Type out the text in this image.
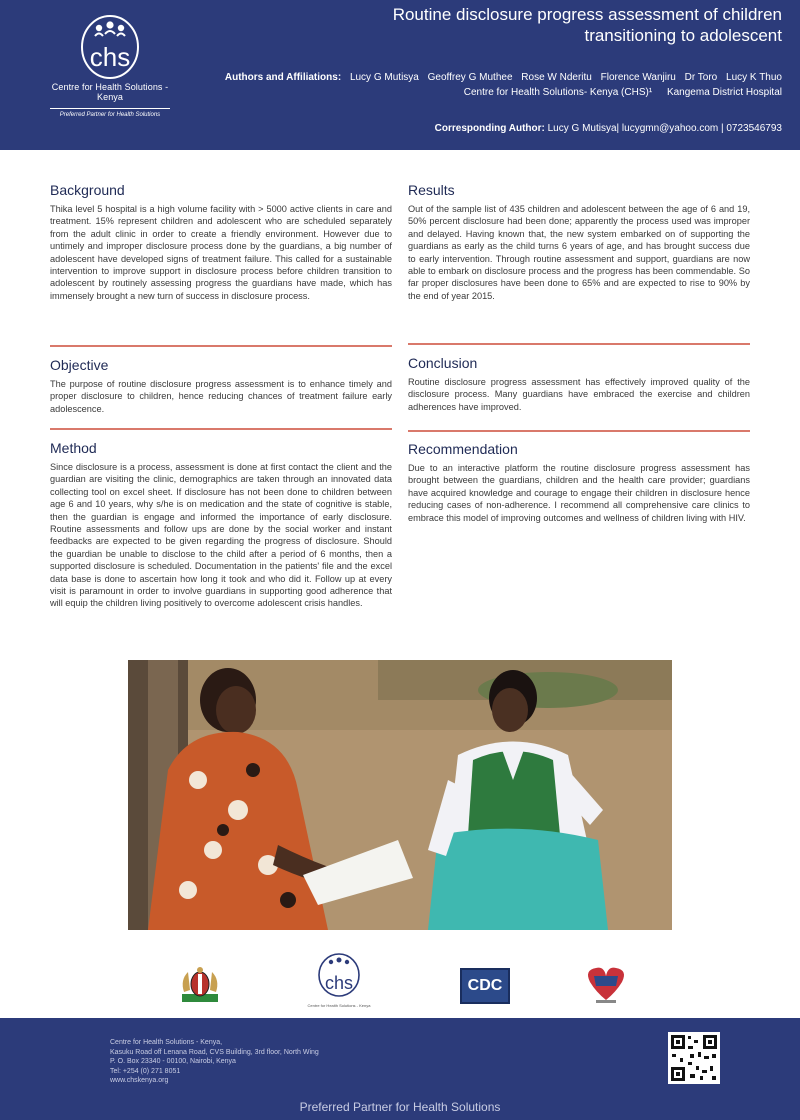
chs
Centre for Health Solutions - Kenya
Preferred Partner for Health Solutions
Routine disclosure progress assessment of children
transitioning to adolescent
Authors and Affiliations: Lucy G Mutisya Geoffrey G Muthee Rose W Nderitu Florence Wanjiru Dr Toro Lucy K Thuo
Centre for Health Solutions- Kenya (CHS)¹ Kangema District Hospital
Corresponding Author: Lucy G Mutisya| lucygmn@yahoo.com | 0723546793
Background
Thika level 5 hospital is a high volume facility with > 5000 active clients in care and treatment. 15% represent children and adolescent who are scheduled separately from the adult clinic in order to create a friendly environment. However due to untimely and improper disclosure process done by the guardians, a big number of adolescent have developed signs of treatment failure. This called for a sustainable intervention to improve support in disclosure process before children transition to adolescent by routinely assessing progress the guardians have made, which has immensely brought a new turn of success in disclosure process.
Objective
The purpose of routine disclosure progress assessment is to enhance timely and proper disclosure to children, hence reducing chances of treatment failure early adolescence.
Method
Since disclosure is a process, assessment is done at first contact the client and the guardian are visiting the clinic, demographics are taken through an innovated data collecting tool on excel sheet. If disclosure has not been done to children between age 6 and 10 years, why s/he is on medication and the state of cognitive is stable, then the guardian is engage and informed the importance of early disclosure. Routine assessments and follow ups are done by the social worker and instant feedbacks are expected to be given regarding the progress of disclosure. Should the guardian be unable to disclose to the child after a period of 6 months, then a supported disclosure is scheduled. Documentation in the patients' file and the excel data base is done to ascertain how long it took and who did it. Follow up at every visit is paramount in order to involve guardians in supporting good adherence that will equip the children living positively to overcome adolescent crisis handles.
Results
Out of the sample list of 435 children and adolescent between the age of 6 and 19, 50% percent disclosure had been done; apparently the process used was improper and delayed. Having known that, the new system embarked on of supporting the guardians as early as the child turns 6 years of age, and has brought success due to early intervention. Through routine assessment and support, guardians are now able to embark on disclosure process and the progress has been commendable. So far proper disclosures have been done to 65% and are expected to rise to 90% by the end of year 2015.
Conclusion
Routine disclosure progress assessment has effectively improved quality of the disclosure process. Many guardians have embraced the exercise and children adherences have improved.
Recommendation
Due to an interactive platform the routine disclosure progress assessment has brought between the guardians, children and the health care provider; guardians have acquired knowledge and courage to engage their children in disclosure hence reducing cases of non-adherence. I recommend all comprehensive care clinics to embrace this model of improving outcomes and wellness of children living with HIV.
chs
Centre for Health Solutions - Kenya
CDC
Centre for Health Solutions - Kenya,
Kasuku Road off Lenana Road, CVS Building, 3rd floor, North Wing
P. O. Box 23340 - 00100, Nairobi, Kenya
Tel: +254 (0) 271 8051
www.chskenya.org
Preferred Partner for Health Solutions
